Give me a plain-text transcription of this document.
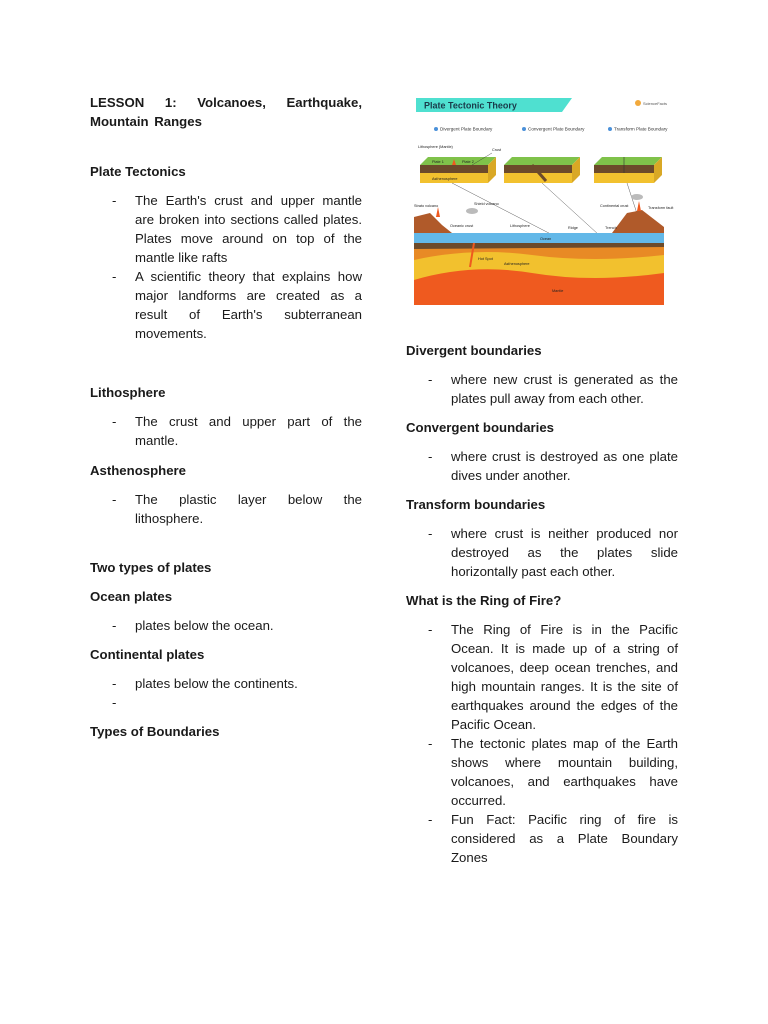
LESSON 1: Volcanoes, Earthquake, Mountain Ranges

Plate Tectonics
- The Earth's crust and upper mantle are broken into sections called plates. Plates move around on top of the mantle like rafts
- A scientific theory that explains how major landforms are created as a result of Earth's subterranean movements.
Lithosphere
- The crust and upper part of the mantle.
Asthenosphere
- The plastic layer below the lithosphere.
Two types of plates
Ocean plates
- plates below the ocean.
Continental plates
- plates below the continents.
-
Types of Boundaries
Plate Tectonic Theory	ScienceFacts
Divergent Plate Boundary	Convergent Plate Boundary	Transform Plate Boundary
Lithosphere (Mantle)
Crust
Plate 1	Plate 2
Asthenosphere
Strato volcano	Shield volcano
Oceanic crust	Lithosphere	Ridge	Trench
Continental crust	Transform fault
Ocean
Hot Spot
Asthenosphere
Mantle
Divergent boundaries
- where new crust is generated as the plates pull away from each other.
Convergent boundaries
- where crust is destroyed as one plate dives under another.
Transform boundaries
- where crust is neither produced nor destroyed as the plates slide horizontally past each other.
What is the Ring of Fire?
- The Ring of Fire is in the Pacific Ocean. It is made up of a string of volcanoes, deep ocean trenches, and high mountain ranges. It is the site of earthquakes around the edges of the Pacific Ocean.
- The tectonic plates map of the Earth shows where mountain building, volcanoes, and earthquakes have occurred.
- Fun Fact: Pacific ring of fire is considered as a Plate Boundary Zones
